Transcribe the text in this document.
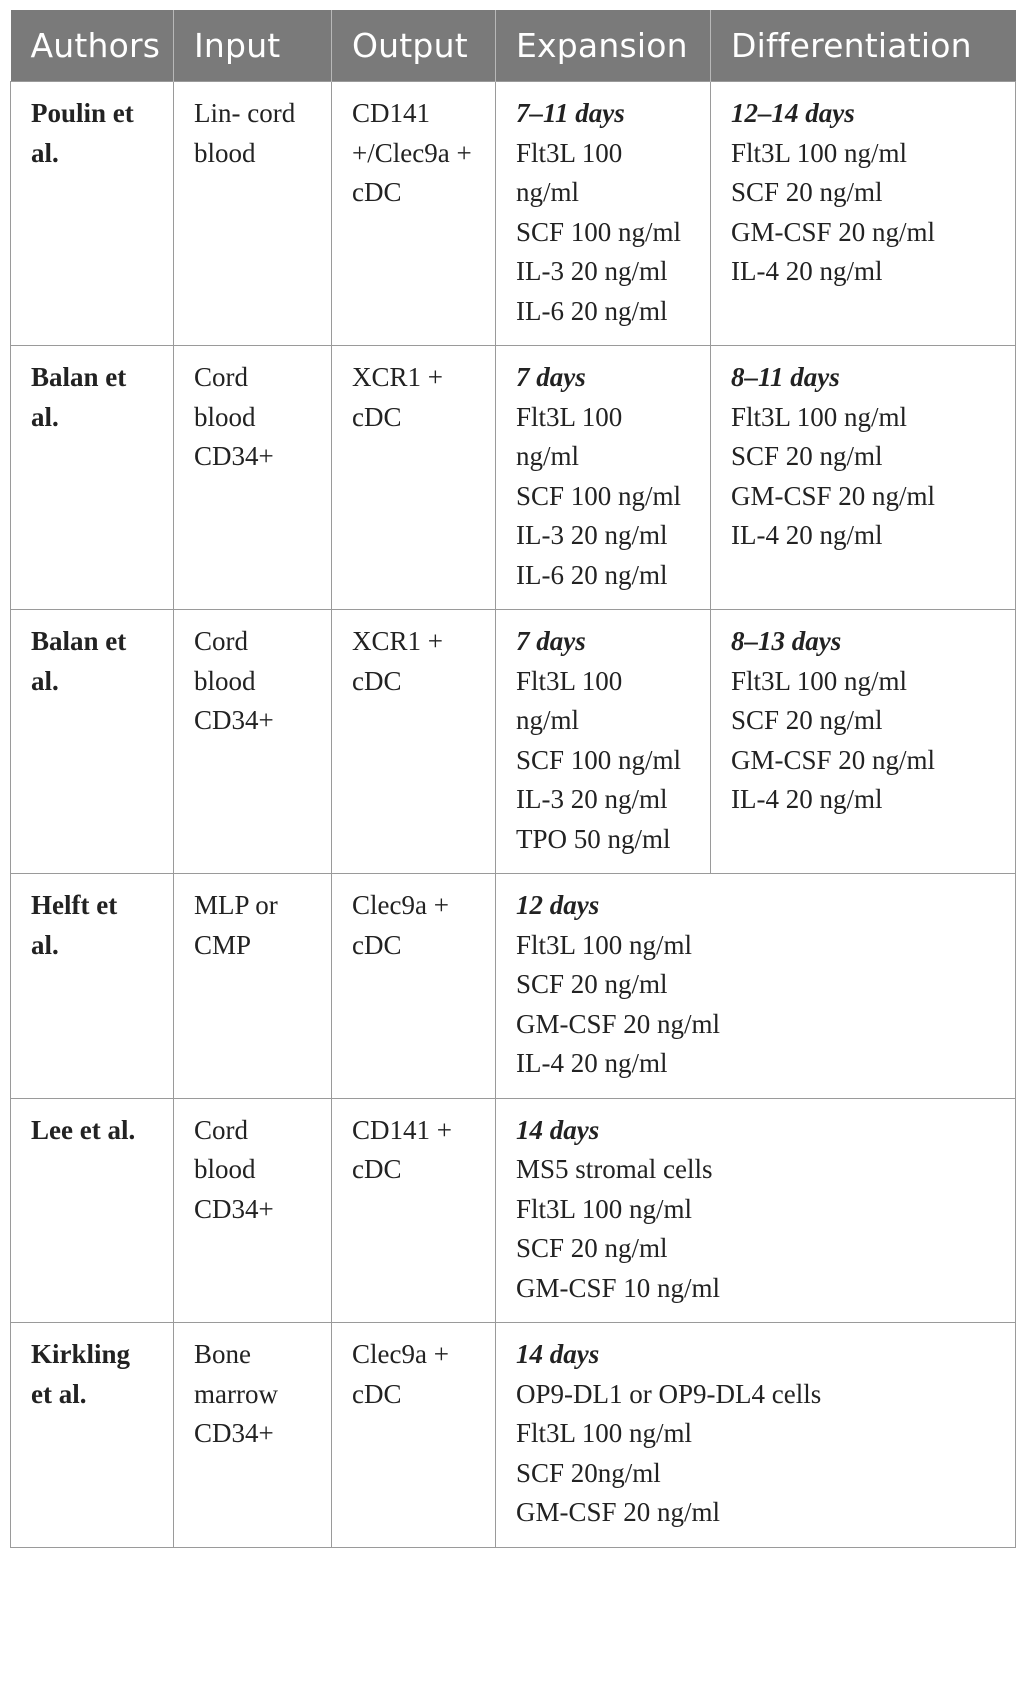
Authors	Input	Output	Expansion	Differentiation
Poulin et al.	Lin- cord blood	CD141 +/Clec9a + cDC	7–11 days
Flt3L 100 ng/ml
SCF 100 ng/ml
IL-3 20 ng/ml
IL-6 20 ng/ml	12–14 days
Flt3L 100 ng/ml
SCF 20 ng/ml
GM-CSF 20 ng/ml
IL-4 20 ng/ml

Balan et al.	Cord blood CD34+	XCR1 + cDC	7 days
Flt3L 100 ng/ml
SCF 100 ng/ml
IL-3 20 ng/ml
IL-6 20 ng/ml	8–11 days
Flt3L 100 ng/ml
SCF 20 ng/ml
GM-CSF 20 ng/ml
IL-4 20 ng/ml

Balan et al.	Cord blood CD34+	XCR1 + cDC	7 days
Flt3L 100 ng/ml
SCF 100 ng/ml
IL-3 20 ng/ml
TPO 50 ng/ml	8–13 days
Flt3L 100 ng/ml
SCF 20 ng/ml
GM-CSF 20 ng/ml
IL-4 20 ng/ml

Helft et al.	MLP or CMP	Clec9a + cDC	12 days
Flt3L 100 ng/ml
SCF 20 ng/ml
GM-CSF 20 ng/ml
IL-4 20 ng/ml	

Lee et al.	Cord blood CD34+	CD141 + cDC	14 days
MS5 stromal cells
Flt3L 100 ng/ml
SCF 20 ng/ml
GM-CSF 10 ng/ml	

Kirkling et al.	Bone marrow CD34+	Clec9a + cDC	14 days
OP9-DL1 or OP9-DL4 cells
Flt3L 100 ng/ml
SCF 20ng/ml
GM-CSF 20 ng/ml	
